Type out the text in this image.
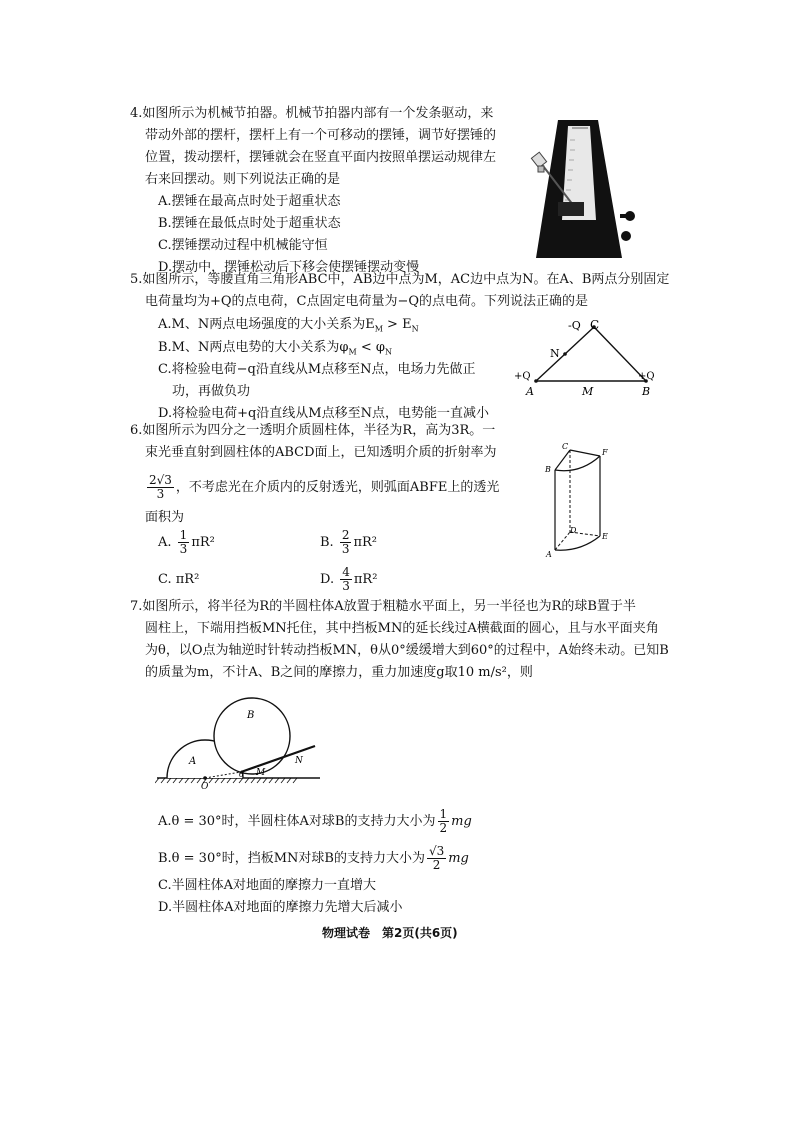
4.如图所示为机械节拍器。机械节拍器内部有一个发条驱动，来
带动外部的摆杆，摆杆上有一个可移动的摆锤，调节好摆锤的
位置，拨动摆杆，摆锤就会在竖直平面内按照单摆运动规律左
右来回摆动。则下列说法正确的是
A.摆锤在最高点时处于超重状态
B.摆锤在最低点时处于超重状态
C.摆锤摆动过程中机械能守恒
D.摆动中，摆锤松动后下移会使摆锤摆动变慢
5.如图所示，等腰直角三角形ABC中，AB边中点为M，AC边中点为N。在A、B两点分别固定
电荷量均为+Q的点电荷，C点固定电荷量为−Q的点电荷。下列说法正确的是
A.M、N两点电场强度的大小关系为$E_M > E_N$
B.M、N两点电势的大小关系为$\varphi_M < \varphi_N$
C.将检验电荷−q沿直线从M点移至N点，电场力先做正
功，再做负功
D.将检验电荷+q沿直线从M点移至N点，电势能一直减小
-Q C
N
+Q	+Q
A	M	B
6.如图所示为四分之一透明介质圆柱体，半径为R，高为3R。一
束光垂直射到圆柱体的ABCD面上，已知透明介质的折射率为
$\frac{2√3}{3}$ ，不考虑光在介质内的反射透光，则弧面ABFE上的透光
面积为
A. $\frac{1}{3} \pi R^2$	B. $\frac{2}{3} \pi R^2$
C. πR²	D. $\frac{4}{3} \pi R^2$
C
F
B
D
E
A
7.如图所示，将半径为R的半圆柱体A放置于粗糙水平面上，另一半径也为R的球B置于半
圆柱上，下端用挡板MN托住，其中挡板MN的延长线过A横截面的圆心，且与水平面夹角
为θ，以O点为轴逆时针转动挡板MN，θ从0°缓缓增大到60°的过程中，A始终未动。已知B
的质量为m，不计A、B之间的摩擦力，重力加速度g取10 m/s²，则
A
B
O
θ M
N
A.θ = 30°时，半圆柱体A对球B的支持力大小为 $\frac{1}{2}$ mg
B.θ = 30°时，挡板MN对球B的支持力大小为 $\frac{√3}{2}$ mg
C.半圆柱体A对地面的摩擦力一直增大
D.半圆柱体A对地面的摩擦力先增大后减小
物理试卷　第2页(共6页)
